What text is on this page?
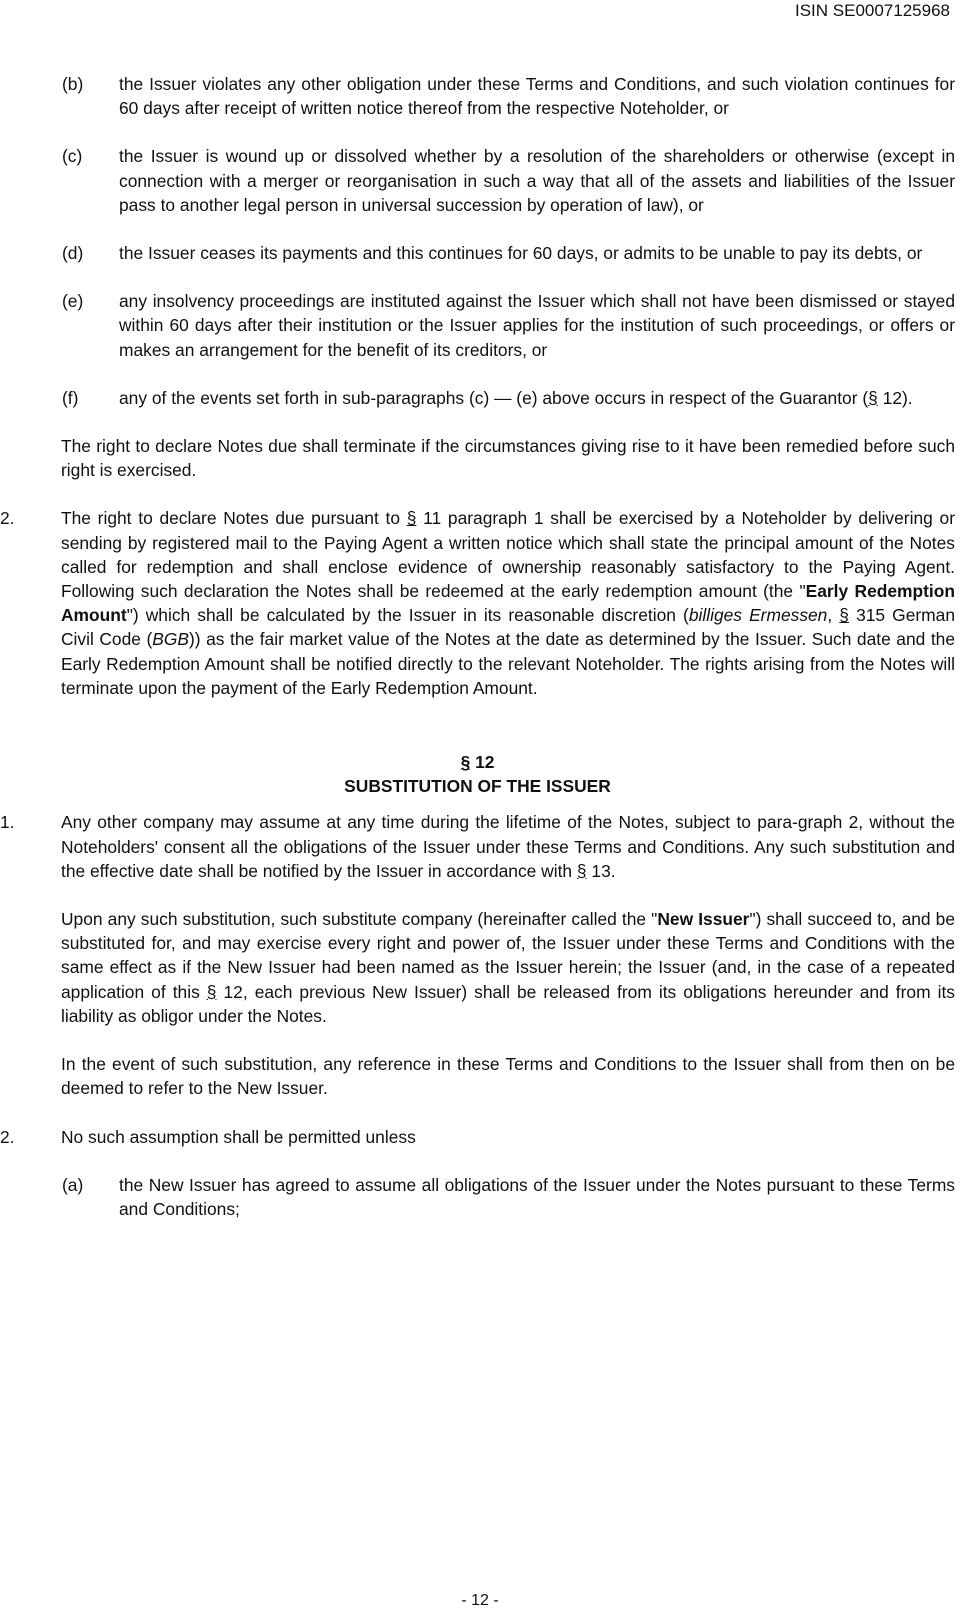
ISIN SE0007125968
(b) the Issuer violates any other obligation under these Terms and Conditions, and such violation continues for 60 days after receipt of written notice thereof from the respective Noteholder, or
(c) the Issuer is wound up or dissolved whether by a resolution of the shareholders or otherwise (except in connection with a merger or reorganisation in such a way that all of the assets and liabilities of the Issuer pass to another legal person in universal succession by operation of law), or
(d) the Issuer ceases its payments and this continues for 60 days, or admits to be unable to pay its debts, or
(e) any insolvency proceedings are instituted against the Issuer which shall not have been dismissed or stayed within 60 days after their institution or the Issuer applies for the institution of such proceedings, or offers or makes an arrangement for the benefit of its creditors, or
(f) any of the events set forth in sub-paragraphs (c) — (e) above occurs in respect of the Guarantor (§ 12).
The right to declare Notes due shall terminate if the circumstances giving rise to it have been remedied before such right is exercised.
2.	The right to declare Notes due pursuant to § 11 paragraph 1 shall be exercised by a Noteholder by delivering or sending by registered mail to the Paying Agent a written notice which shall state the principal amount of the Notes called for redemption and shall enclose evidence of ownership reasonably satisfactory to the Paying Agent. Following such declaration the Notes shall be redeemed at the early redemption amount (the "Early Redemption Amount") which shall be calculated by the Issuer in its reasonable discretion (billiges Ermessen, § 315 German Civil Code (BGB)) as the fair market value of the Notes at the date as determined by the Issuer. Such date and the Early Redemption Amount shall be notified directly to the relevant Noteholder. The rights arising from the Notes will terminate upon the payment of the Early Redemption Amount.
§ 12
SUBSTITUTION OF THE ISSUER
1.	Any other company may assume at any time during the lifetime of the Notes, subject to para-graph 2, without the Noteholders' consent all the obligations of the Issuer under these Terms and Conditions. Any such substitution and the effective date shall be notified by the Issuer in accordance with § 13.
Upon any such substitution, such substitute company (hereinafter called the "New Issuer") shall succeed to, and be substituted for, and may exercise every right and power of, the Issuer under these Terms and Conditions with the same effect as if the New Issuer had been named as the Issuer herein; the Issuer (and, in the case of a repeated application of this § 12, each previous New Issuer) shall be released from its obligations hereunder and from its liability as obligor under the Notes.
In the event of such substitution, any reference in these Terms and Conditions to the Issuer shall from then on be deemed to refer to the New Issuer.
2.	No such assumption shall be permitted unless
(a) the New Issuer has agreed to assume all obligations of the Issuer under the Notes pursuant to these Terms and Conditions;
- 12 -
